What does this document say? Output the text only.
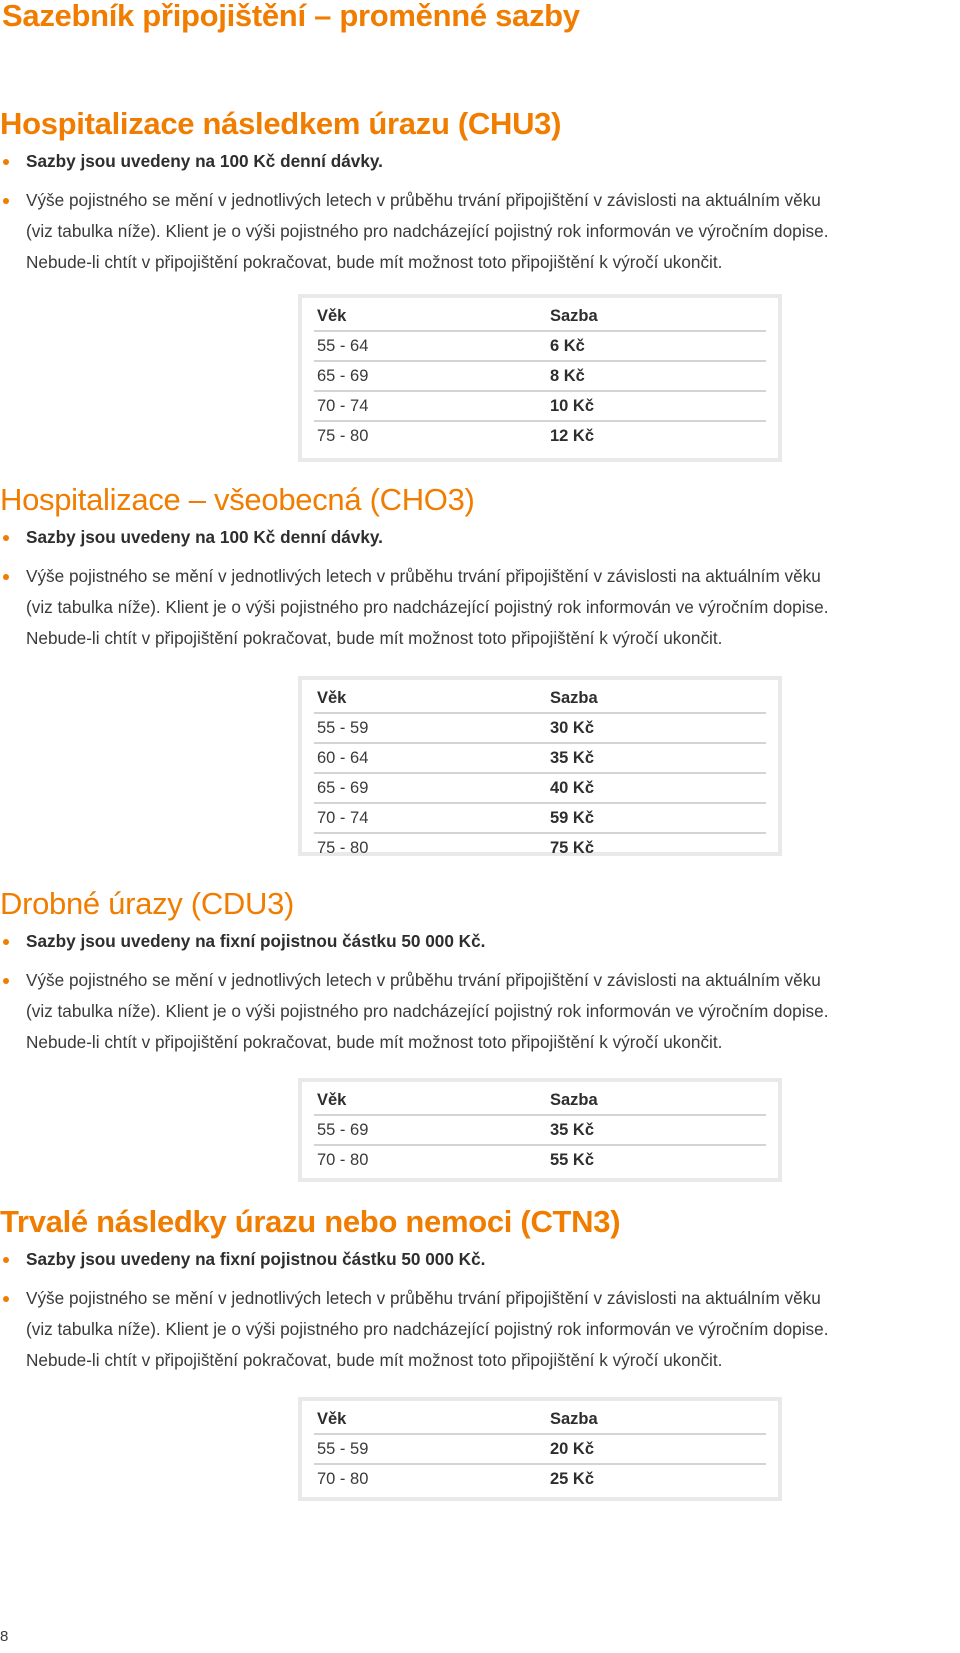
Sazebník připojištění – proměnné sazby
Hospitalizace následkem úrazu (CHU3)
Sazby jsou uvedeny na 100 Kč denní dávky.
Výše pojistného se mění v jednotlivých letech v průběhu trvání připojištění v závislosti na aktuálním věku
(viz tabulka níže). Klient je o výši pojistného pro nadcházející pojistný rok informován ve výročním dopise.
Nebude-li chtít v připojištění pokračovat, bude mít možnost toto připojištění k výročí ukončit.
Věk	Sazba
55 - 64	6 Kč
65 - 69	8 Kč
70 - 74	10 Kč
75 - 80	12 Kč
Hospitalizace – všeobecná (CHO3)
Sazby jsou uvedeny na 100 Kč denní dávky.
Výše pojistného se mění v jednotlivých letech v průběhu trvání připojištění v závislosti na aktuálním věku
(viz tabulka níže). Klient je o výši pojistného pro nadcházející pojistný rok informován ve výročním dopise.
Nebude-li chtít v připojištění pokračovat, bude mít možnost toto připojištění k výročí ukončit.
Věk	Sazba
55 - 59	30 Kč
60 - 64	35 Kč
65 - 69	40 Kč
70 - 74	59 Kč
75 - 80	75 Kč
Drobné úrazy (CDU3)
Sazby jsou uvedeny na fixní pojistnou částku 50 000 Kč.
Výše pojistného se mění v jednotlivých letech v průběhu trvání připojištění v závislosti na aktuálním věku
(viz tabulka níže). Klient je o výši pojistného pro nadcházející pojistný rok informován ve výročním dopise.
Nebude-li chtít v připojištění pokračovat, bude mít možnost toto připojištění k výročí ukončit.
Věk	Sazba
55 - 69	35 Kč
70 - 80	55 Kč
Trvalé následky úrazu nebo nemoci (CTN3)
Sazby jsou uvedeny na fixní pojistnou částku 50 000 Kč.
Výše pojistného se mění v jednotlivých letech v průběhu trvání připojištění v závislosti na aktuálním věku
(viz tabulka níže). Klient je o výši pojistného pro nadcházející pojistný rok informován ve výročním dopise.
Nebude-li chtít v připojištění pokračovat, bude mít možnost toto připojištění k výročí ukončit.
Věk	Sazba
55 - 59	20 Kč
70 - 80	25 Kč
8
